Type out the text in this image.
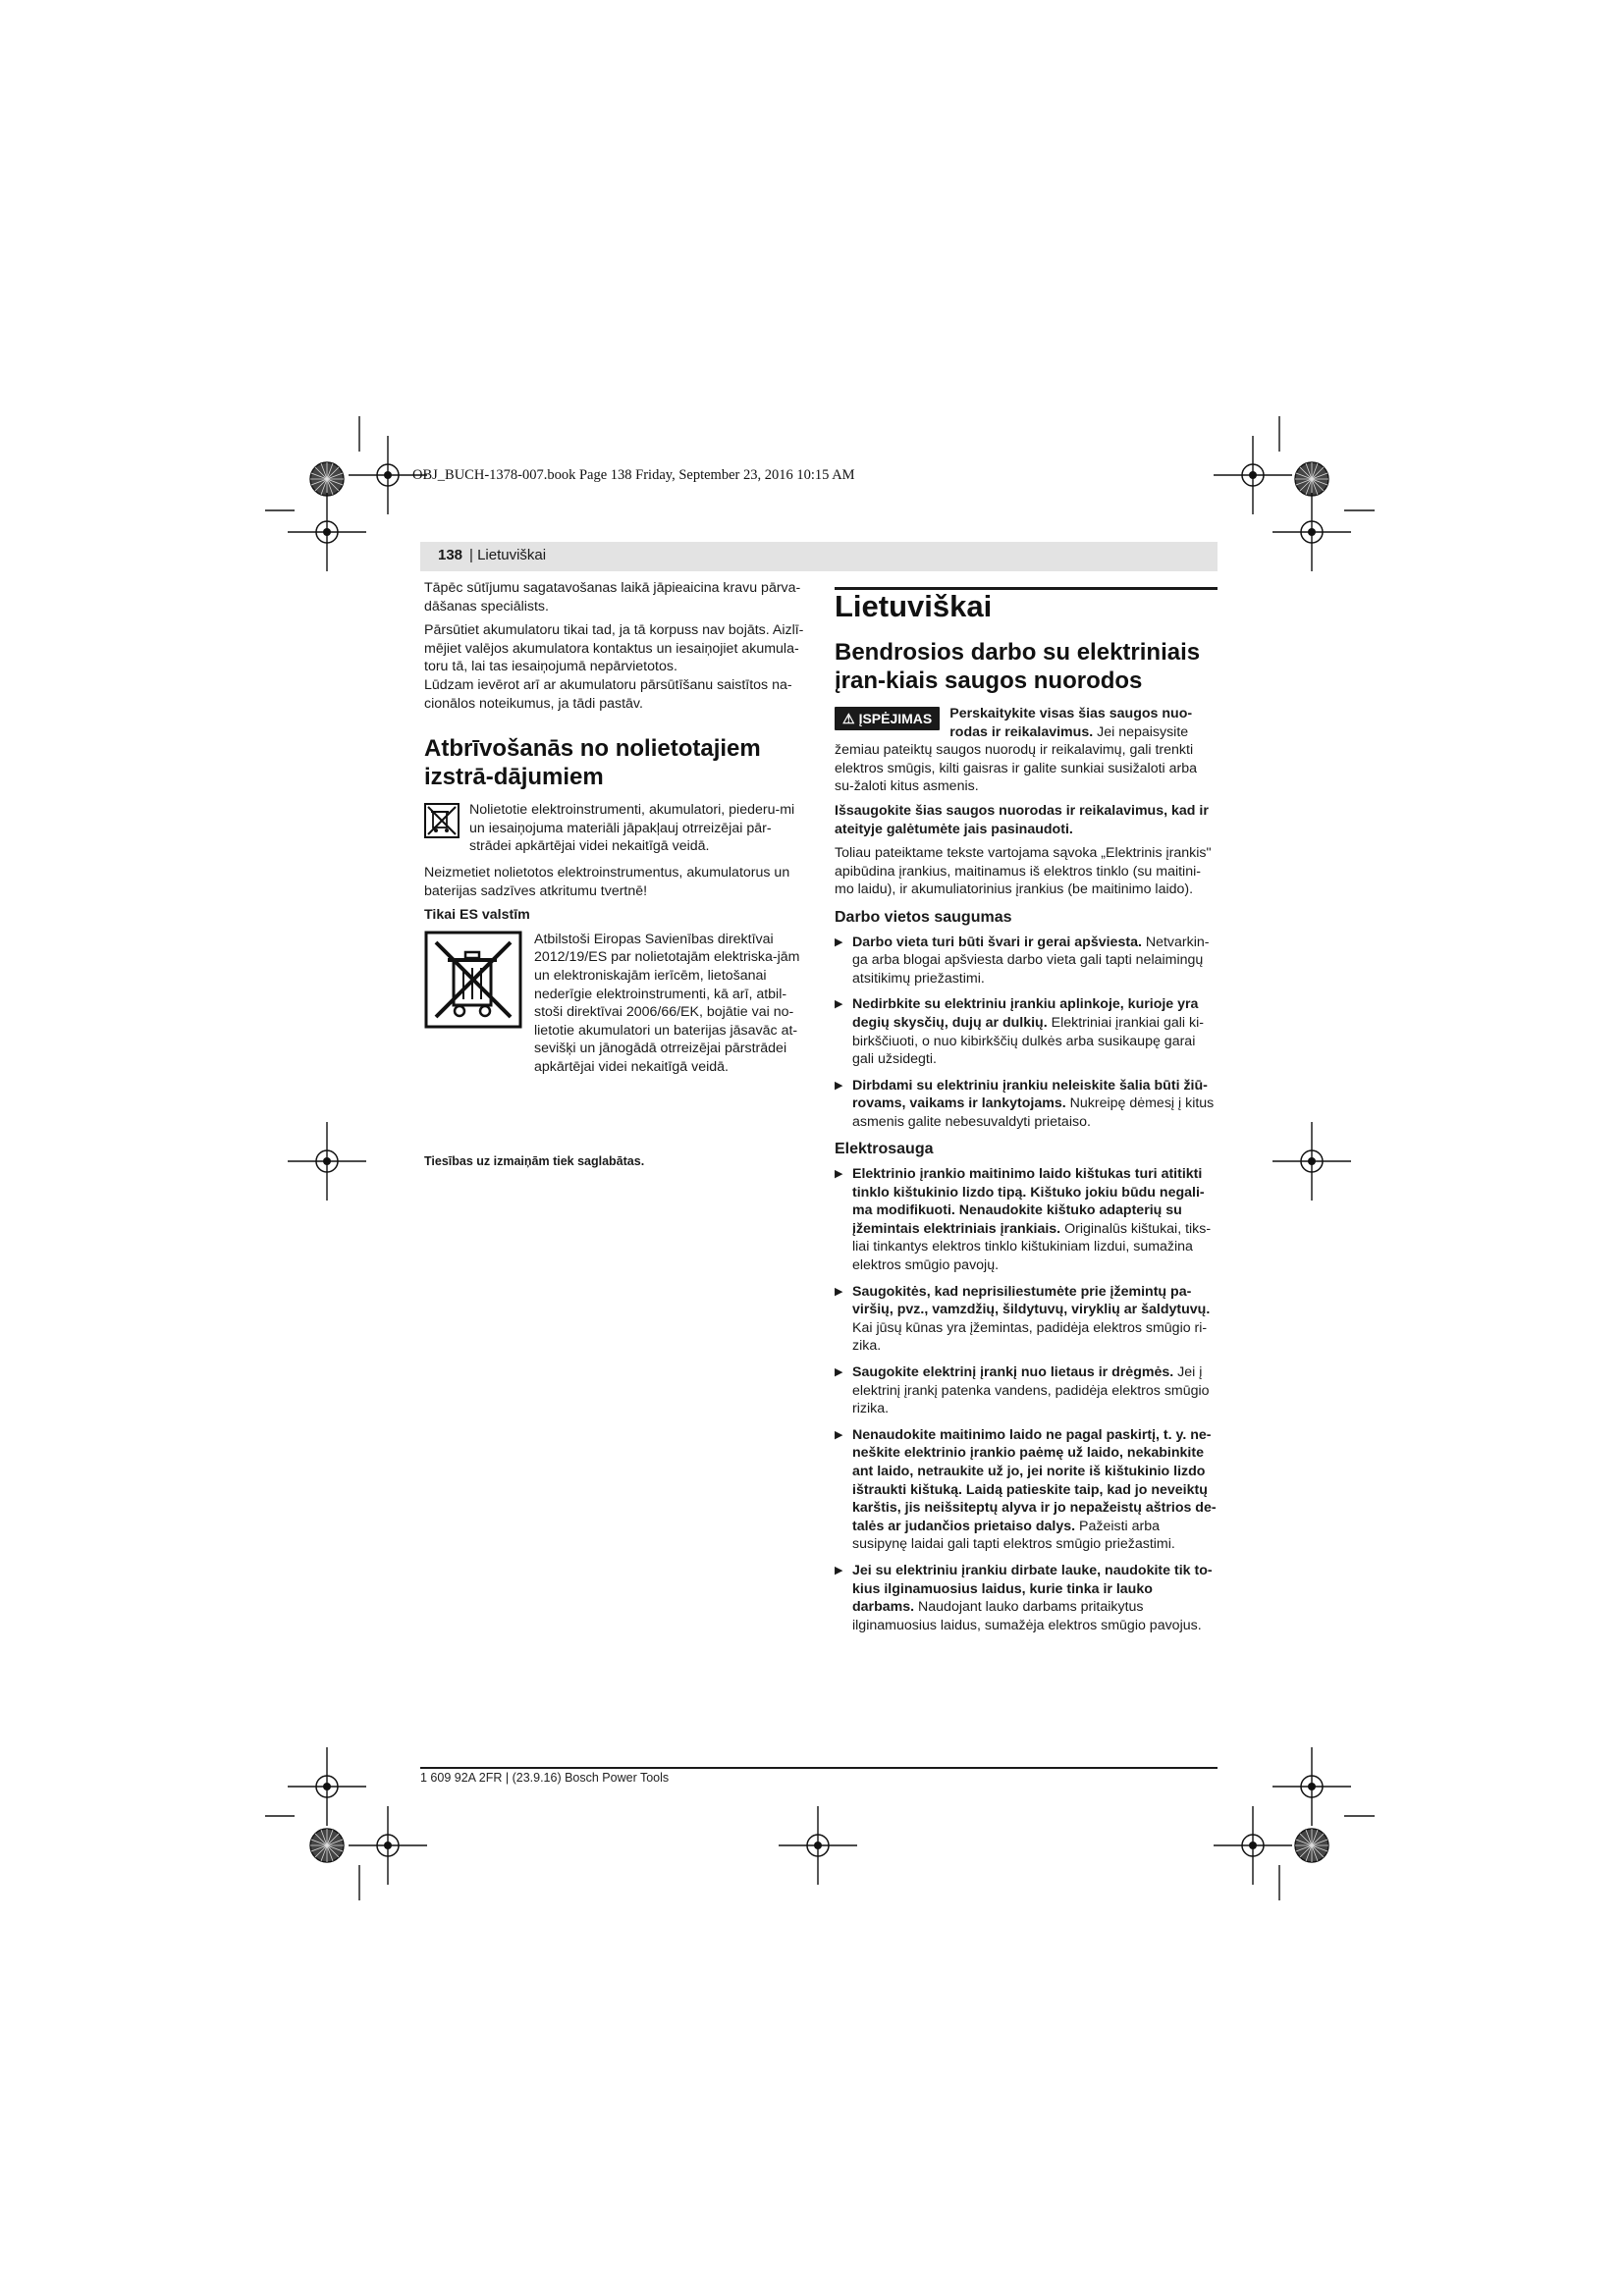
OBJ_BUCH-1378-007.book Page 138 Friday, September 23, 2016 10:15 AM
138 | Lietuviškai

Tāpēc sūtījumu sagatavošanas laikā jāpieaicina kravu pārva-dāšanas speciālists.

Pārsūtiet akumulatoru tikai tad, ja tā korpuss nav bojāts. Aizlī-mējiet valējos akumulatora kontaktus un iesaiņojiet akumula-toru tā, lai tas iesaiņojumā nepārvietotos.

Lūdzam ievērot arī ar akumulatoru pārsūtīšanu saistītos na-cionālos noteikumus, ja tādi pastāv.

Atbrīvošanās no nolietotajiem izstrā-dājumiem
Nolietotie elektroinstrumenti, akumulatori, piederu-mi un iesaiņojuma materiāli jāpakļauj otrreizējai pār-strādei apkārtējai videi nekaitīgā veidā.

Neizmetiet nolietotos elektroinstrumentus, akumulatorus un baterijas sadzīves atkritumu tvertnē!

Tikai ES valstīm
Atbilstoši Eiropas Savienības direktīvai 2012/19/ES par nolietotajām elektriska-jām un elektroniskajām ierīcēm, lietošanai nederīgie elektroinstrumenti, kā arī, atbil-stoši direktīvai 2006/66/EK, bojātie vai no-lietotie akumulatori un baterijas jāsavāc at-sevišķi un jānogādā otrreizējai pārstrādei apkārtējai videi nekaitīgā veidā.
Tiesības uz izmaiņām tiek saglabātas.
Lietuviškai
Bendrosios darbo su elektriniais įran-kiais saugos nuorodos
⚠ ĮSPĖJIMAS Perskaitykite visas šias saugos nuo-rodas ir reikalavimus. Jei nepaisysite žemiau pateiktų saugos nuorodų ir reikalavimų, gali trenkti elektros smūgis, kilti gaisras ir galite sunkiai susižaloti arba su-žaloti kitus asmenis.

Išsaugokite šias saugos nuorodas ir reikalavimus, kad ir ateityje galėtumėte jais pasinaudoti.

Toliau pateiktame tekste vartojama sąvoka „Elektrinis įrankis" apibūdina įrankius, maitinamus iš elektros tinklo (su maitini-mo laidu), ir akumuliatorinius įrankius (be maitinimo laido).

Darbo vietos saugumas
▶ Darbo vieta turi būti švari ir gerai apšviesta. Netvarkin-ga arba blogai apšviesta darbo vieta gali tapti nelaimingų atsitikimų priežastimi.
▶ Nedirbkite su elektriniu įrankiu aplinkoje, kurioje yra degių skysčių, dujų ar dulkių. Elektriniai įrankiai gali ki-birkščiuoti, o nuo kibirkščių dulkės arba susikaupę garai gali užsidegti.
▶ Dirbdami su elektriniu įrankiu neleiskite šalia būti žiū-rovams, vaikams ir lankytojams. Nukreipę dėmesį į kitus asmenis galite nebesuvaldyti prietaiso.
Elektrosauga
▶ Elektrinio įrankio maitinimo laido kištukas turi atitikti tinklo kištukinio lizdo tipą. Kištuko jokiu būdu negali-ma modifikuoti. Nenaudokite kištuko adapterių su įžemintais elektriniais įrankiais. Originalūs kištukai, tiks-liai tinkantys elektros tinklo kištukiniam lizdui, sumažina elektros smūgio pavojų.
▶ Saugokitės, kad neprisiliestumėte prie įžemintų pa-viršių, pvz., vamzdžių, šildytuvų, viryklių ar šaldytuvų. Kai jūsų kūnas yra įžemintas, padidėja elektros smūgio ri-zika.
▶ Saugokite elektrinį įrankį nuo lietaus ir drėgmės. Jei į elektrinį įrankį patenka vandens, padidėja elektros smūgio rizika.
▶ Nenaudokite maitinimo laido ne pagal paskirtį, t. y. ne-neškite elektrinio įrankio paėmę už laido, nekabinkite ant laido, netraukite už jo, jei norite iš kištukinio lizdo ištraukti kištuką. Laidą patieskite taip, kad jo neveiktų karštis, jis neišsiteptų alyva ir jo nepažeistų aštrios de-talės ar judančios prietaiso dalys. Pažeisti arba susipynę laidai gali tapti elektros smūgio priežastimi.
▶ Jei su elektriniu įrankiu dirbate lauke, naudokite tik to-kius ilginamuosius laidus, kurie tinka ir lauko darbams. Naudojant lauko darbams pritaikytus ilginamuosius laidus, sumažėja elektros smūgio pavojus.
1 609 92A 2FR | (23.9.16) Bosch Power Tools
